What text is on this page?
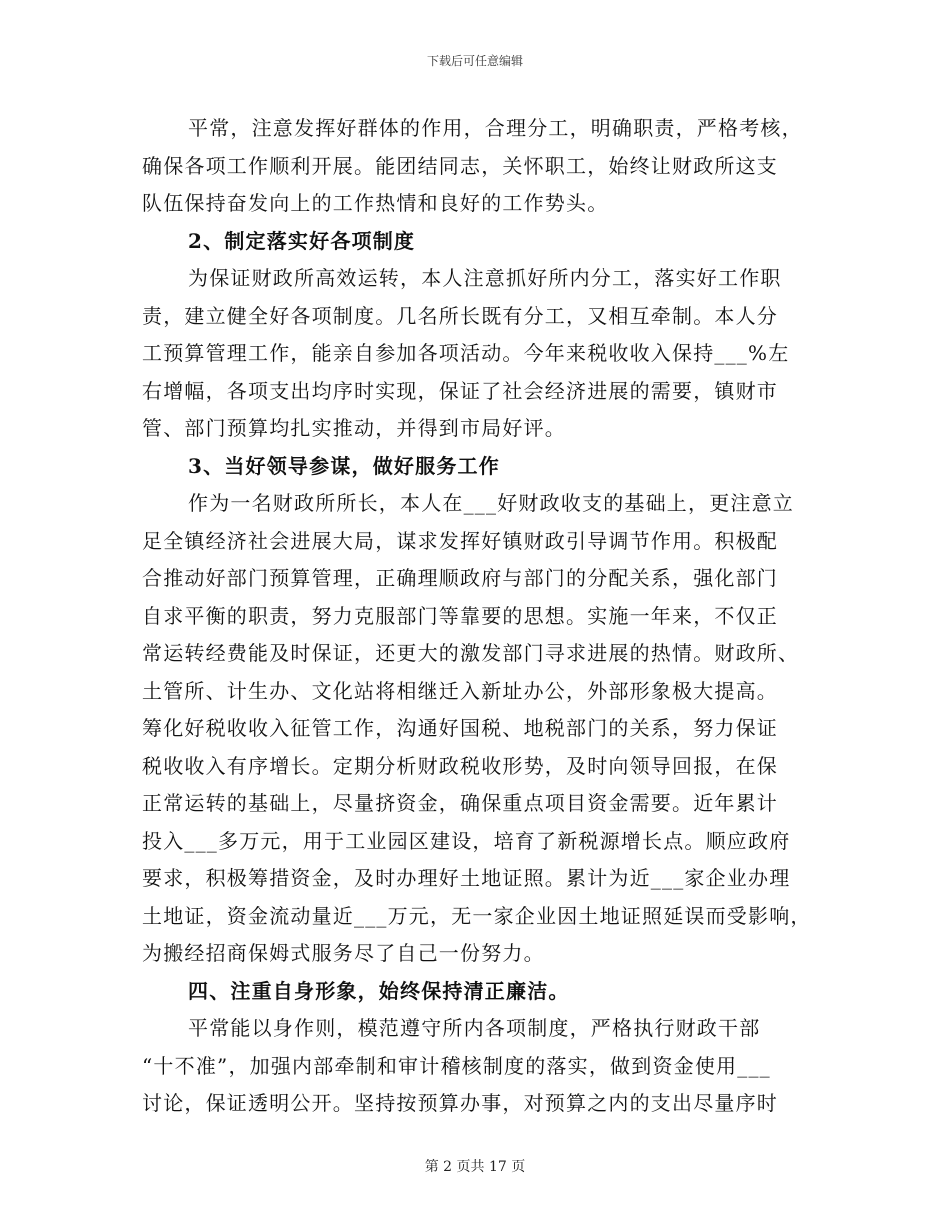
下载后可任意编辑
平常，注意发挥好群体的作用，合理分工，明确职责，严格考核，
确保各项工作顺利开展。能团结同志，关怀职工，始终让财政所这支
队伍保持奋发向上的工作热情和良好的工作势头。
2、制定落实好各项制度
为保证财政所高效运转，本人注意抓好所内分工，落实好工作职
责，建立健全好各项制度。几名所长既有分工，又相互牵制。本人分
工预算管理工作，能亲自参加各项活动。今年来税收收入保持___%左
右增幅，各项支出均序时实现，保证了社会经济进展的需要，镇财市
管、部门预算均扎实推动，并得到市局好评。
3、当好领导参谋，做好服务工作
作为一名财政所所长，本人在___好财政收支的基础上，更注意立
足全镇经济社会进展大局，谋求发挥好镇财政引导调节作用。积极配
合推动好部门预算管理，正确理顺政府与部门的分配关系，强化部门
自求平衡的职责，努力克服部门等靠要的思想。实施一年来，不仅正
常运转经费能及时保证，还更大的激发部门寻求进展的热情。财政所、
土管所、计生办、文化站将相继迁入新址办公，外部形象极大提高。
筹化好税收收入征管工作，沟通好国税、地税部门的关系，努力保证
税收收入有序增长。定期分析财政税收形势，及时向领导回报，在保
正常运转的基础上，尽量挤资金，确保重点项目资金需要。近年累计
投入___多万元，用于工业园区建设，培育了新税源增长点。顺应政府
要求，积极筹措资金，及时办理好土地证照。累计为近___家企业办理
土地证，资金流动量近___万元，无一家企业因土地证照延误而受影响，
为搬经招商保姆式服务尽了自己一份努力。
四、注重自身形象，始终保持清正廉洁。
平常能以身作则，模范遵守所内各项制度，严格执行财政干部
“十不准”，加强内部牵制和审计稽核制度的落实，做到资金使用___
讨论，保证透明公开。坚持按预算办事，对预算之内的支出尽量序时
第 2 页共 17 页
